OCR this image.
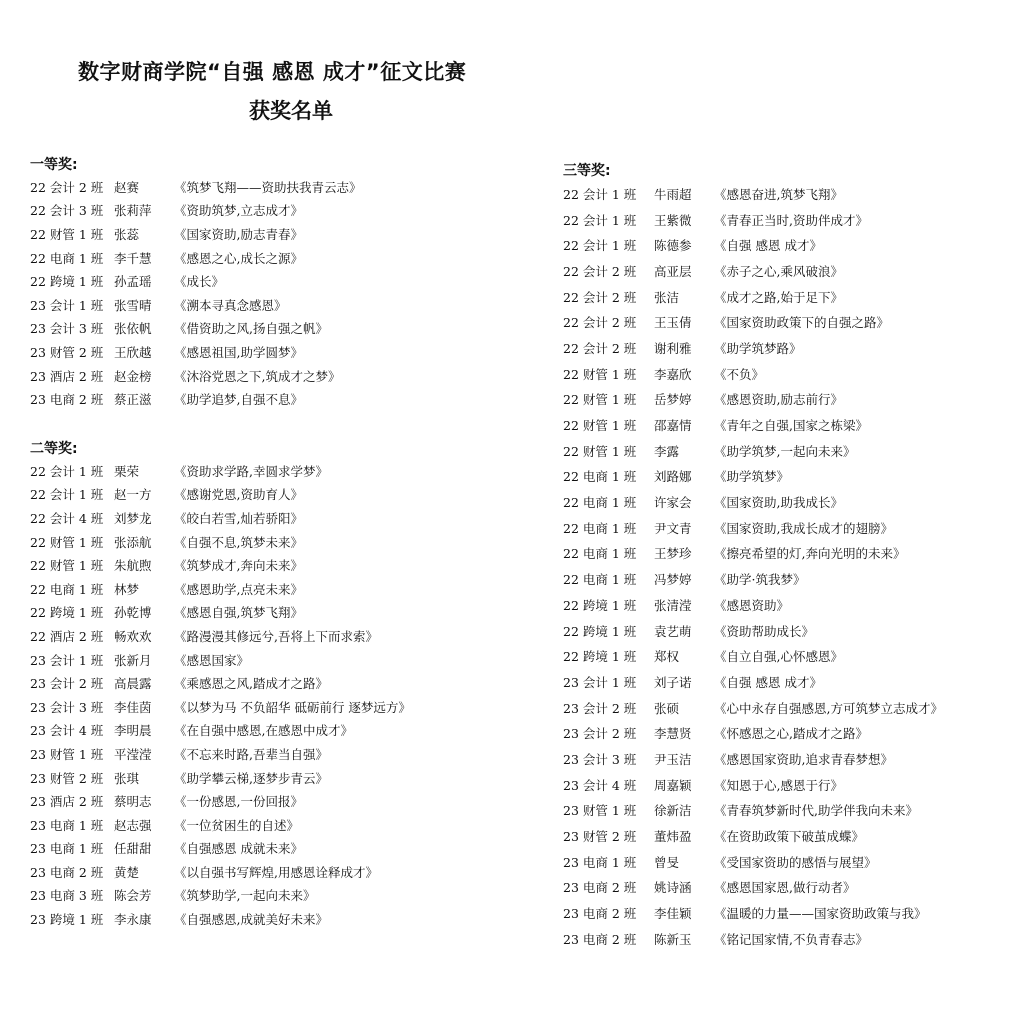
数字财商学院“自强 感恩 成才”征文比赛
获奖名单
一等奖:
22 会计 2 班 赵赛	《筑梦飞翔——资助扶我青云志》
22 会计 3 班 张莉萍	《资助筑梦,立志成才》
22 财管 1 班 张蕊	《国家资助,励志青春》
22 电商 1 班 李千慧	《感恩之心,成长之源》
22 跨境 1 班 孙孟瑶	《成长》
23 会计 1 班 张雪晴	《溯本寻真念感恩》
23 会计 3 班 张依帆	《借资助之风,扬自强之帆》
23 财管 2 班 王欣越	《感恩祖国,助学圆梦》
23 酒店 2 班 赵金榜	《沐浴党恩之下,筑成才之梦》
23 电商 2 班 蔡正滋	《助学追梦,自强不息》
二等奖:
22 会计 1 班 栗荣	《资助求学路,幸圆求学梦》
22 会计 1 班 赵一方	《感谢党恩,资助育人》
22 会计 4 班 刘梦龙	《皎白若雪,灿若骄阳》
22 财管 1 班 张添航	《自强不息,筑梦未来》
22 财管 1 班 朱航煦	《筑梦成才,奔向未来》
22 电商 1 班 林梦	《感恩助学,点亮未来》
22 跨境 1 班 孙乾博	《感恩自强,筑梦飞翔》
22 酒店 2 班 畅欢欢	《路漫漫其修远兮,吾将上下而求索》
23 会计 1 班 张新月	《感恩国家》
23 会计 2 班 高晨露	《乘感恩之风,踏成才之路》
23 会计 3 班 李佳茵	《以梦为马 不负韶华 砥砺前行 逐梦远方》
23 会计 4 班 李明晨	《在自强中感恩,在感恩中成才》
23 财管 1 班 平滢滢	《不忘来时路,吾辈当自强》
23 财管 2 班 张琪	《助学攀云梯,逐梦步青云》
23 酒店 2 班 蔡明志	《一份感恩,一份回报》
23 电商 1 班 赵志强	《一位贫困生的自述》
23 电商 1 班 任甜甜	《自强感恩 成就未来》
23 电商 2 班 黄楚	《以自强书写辉煌,用感恩诠释成才》
23 电商 3 班 陈会芳	《筑梦助学,一起向未来》
23 跨境 1 班 李永康	《自强感恩,成就美好未来》
三等奖:
22 会计 1 班	牛雨超	《感恩奋进,筑梦飞翔》
22 会计 1 班	王紫微	《青春正当时,资助伴成才》
22 会计 1 班	陈德参	《自强 感恩 成才》
22 会计 2 班	高亚层	《赤子之心,乘风破浪》
22 会计 2 班	张洁	《成才之路,始于足下》
22 会计 2 班	王玉倩	《国家资助政策下的自强之路》
22 会计 2 班	谢利雅	《助学筑梦路》
22 财管 1 班	李嘉欣	《不负》
22 财管 1 班	岳梦婷	《感恩资助,励志前行》
22 财管 1 班	邵嘉情	《青年之自强,国家之栋梁》
22 财管 1 班	李露	《助学筑梦,一起向未来》
22 电商 1 班	刘路娜	《助学筑梦》
22 电商 1 班	许家会	《国家资助,助我成长》
22 电商 1 班	尹文青	《国家资助,我成长成才的翅膀》
22 电商 1 班	王梦珍	《擦亮希望的灯,奔向光明的未来》
22 电商 1 班	冯梦婷	《助学·筑我梦》
22 跨境 1 班	张清滢	《感恩资助》
22 跨境 1 班	袁艺萌	《资助帮助成长》
22 跨境 1 班	郑权	《自立自强,心怀感恩》
23 会计 1 班	刘子诺	《自强 感恩 成才》
23 会计 2 班	张硕	《心中永存自强感恩,方可筑梦立志成才》
23 会计 2 班	李慧贤	《怀感恩之心,踏成才之路》
23 会计 3 班	尹玉洁	《感恩国家资助,追求青春梦想》
23 会计 4 班	周嘉颖	《知恩于心,感恩于行》
23 财管 1 班	徐新洁	《青春筑梦新时代,助学伴我向未来》
23 财管 2 班	董炜盈	《在资助政策下破茧成蝶》
23 电商 1 班	曾旻	《受国家资助的感悟与展望》
23 电商 2 班	姚诗涵	《感恩国家恩,做行动者》
23 电商 2 班	李佳颖	《温暖的力量——国家资助政策与我》
23 电商 2 班	陈新玉	《铭记国家情,不负青春志》
